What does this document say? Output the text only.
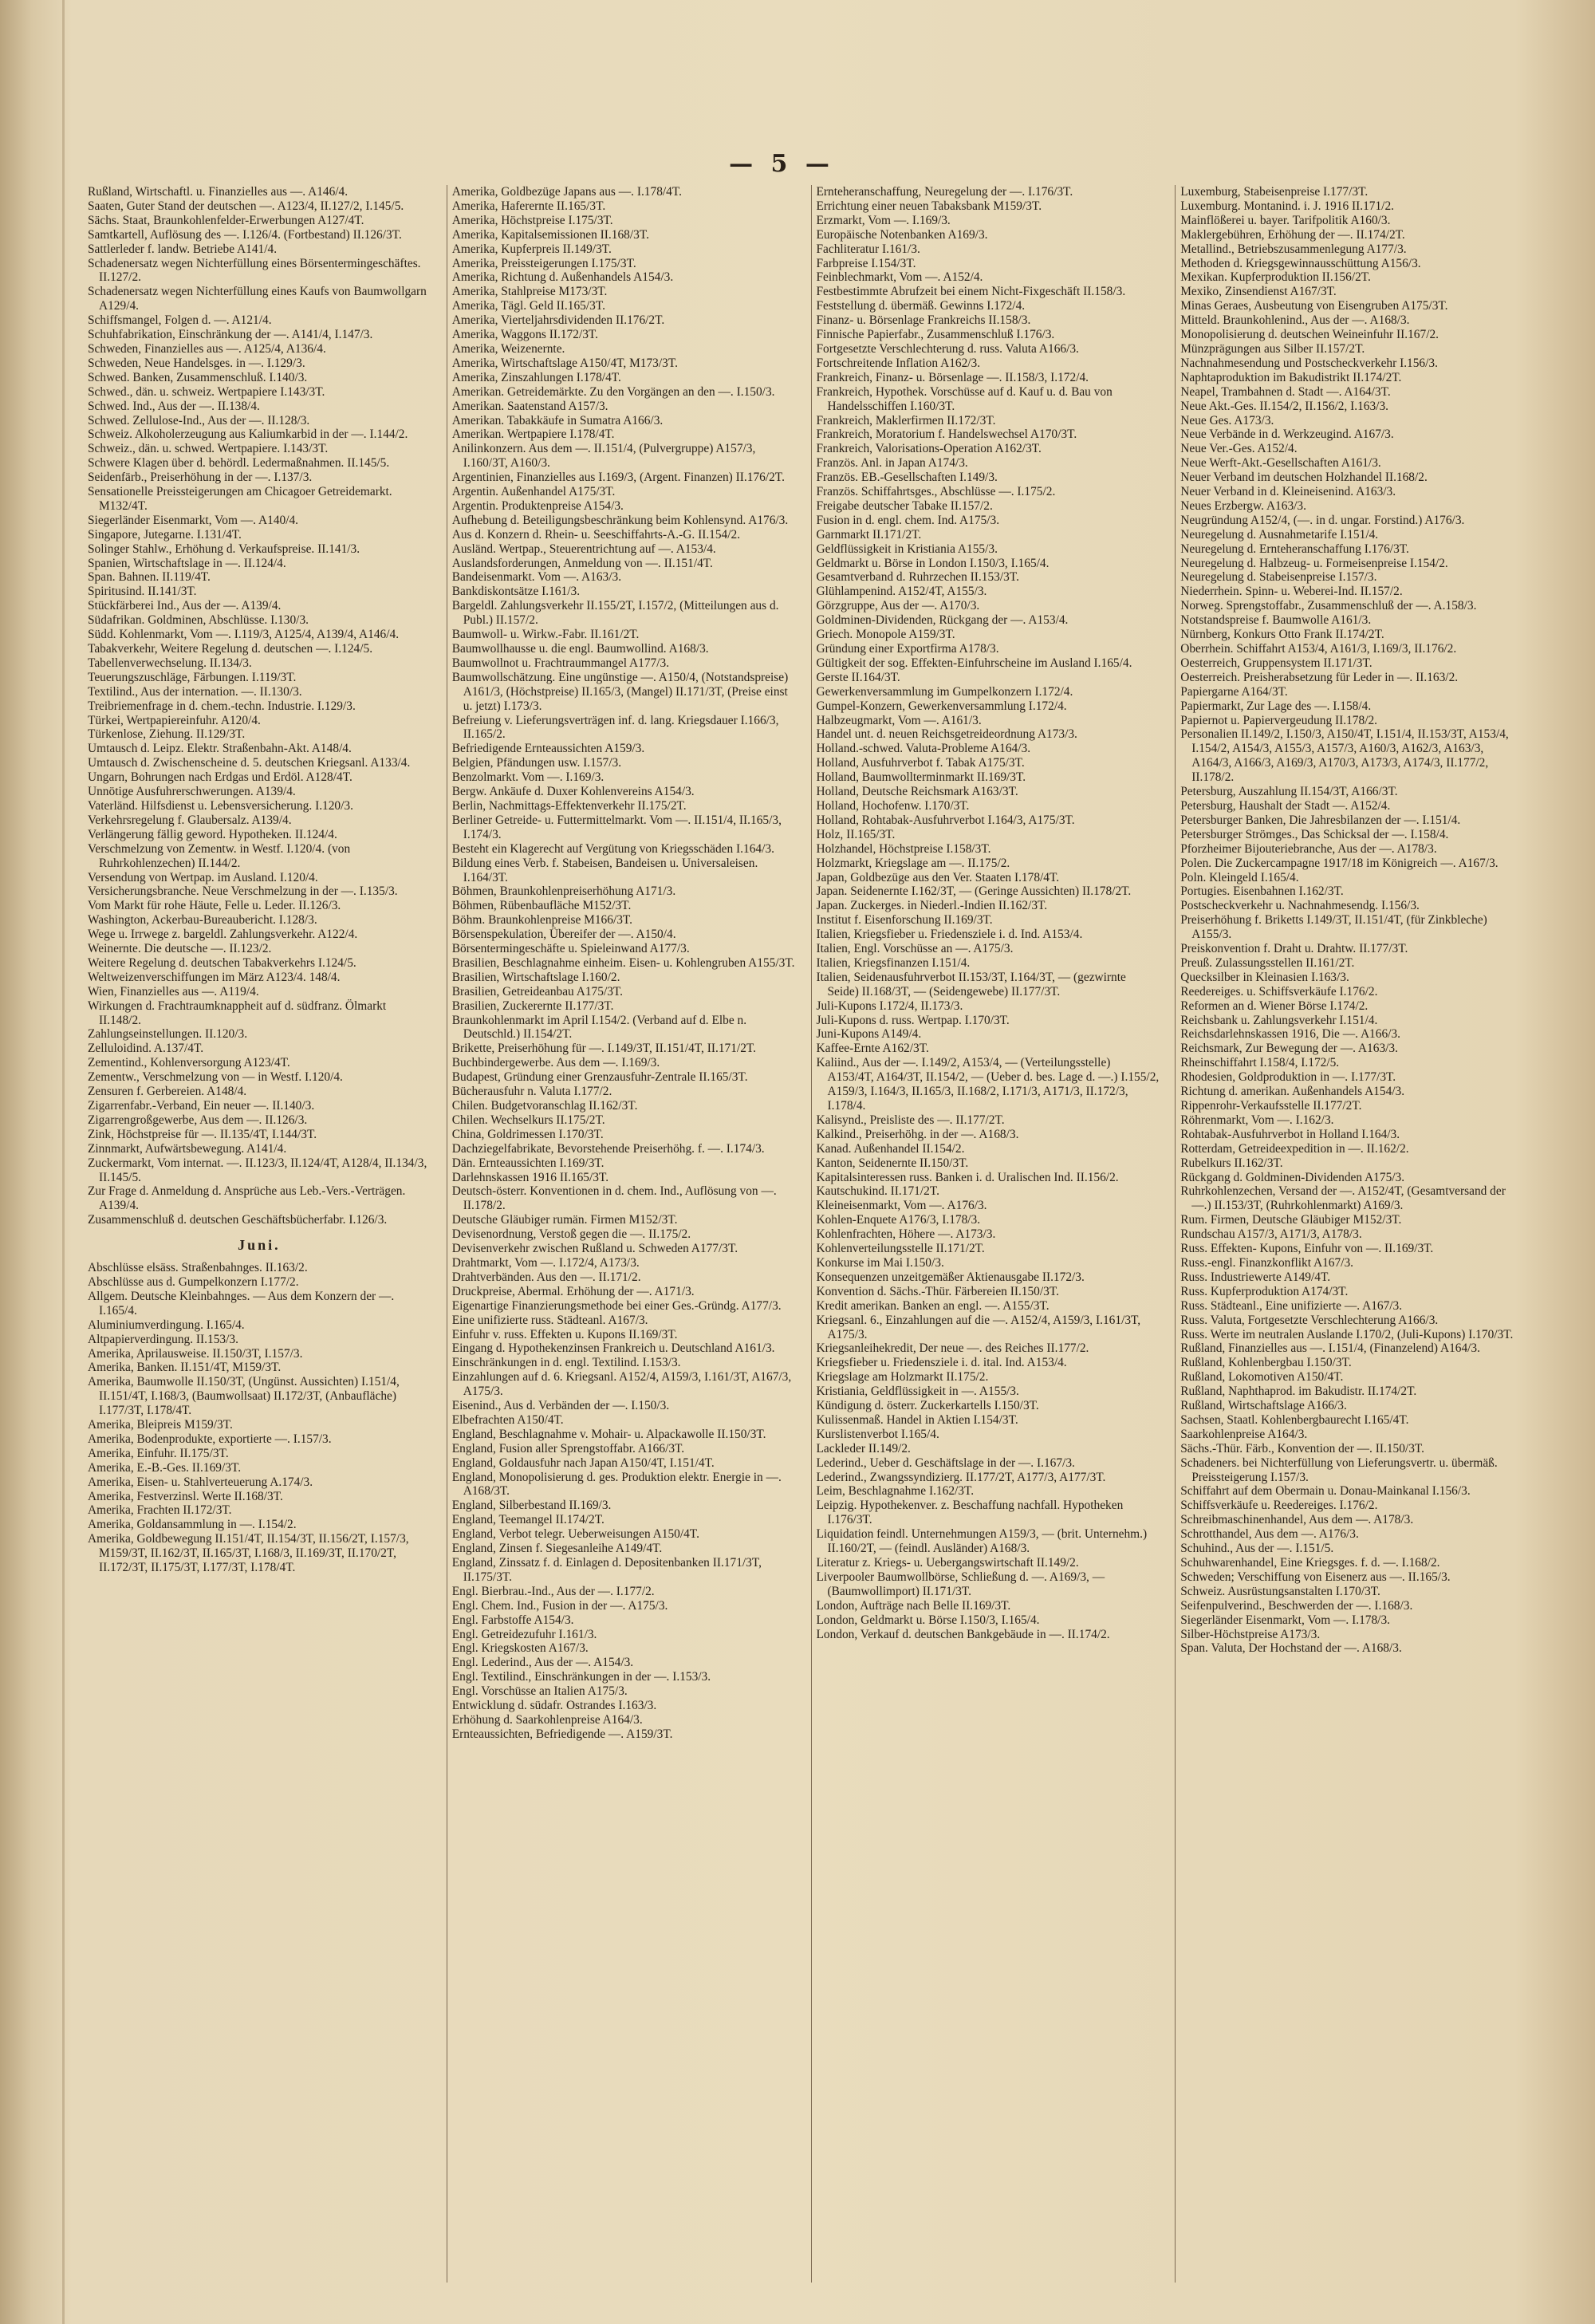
— 5 —

Rußland, Wirtschaftl. u. Finanzielles aus —. A146/4.

Saaten, Guter Stand der deutschen —. A123/4, II.127/2, I.145/5.

Sächs. Staat, Braunkohlenfelder-Erwerbungen A127/4T.

Samtkartell, Auflösung des —. I.126/4. (Fortbestand) II.126/3T.

Sattlerleder f. landw. Betriebe A141/4.

Schadenersatz wegen Nichterfüllung eines Börsentermingeschäftes. II.127/2.

Schadenersatz wegen Nichterfüllung eines Kaufs von Baumwollgarn A129/4.

Schiffsmangel, Folgen d. —. A121/4.

Schuhfabrikation, Einschränkung der —. A141/4, I.147/3.

Schweden, Finanzielles aus —. A125/4, A136/4.

Schweden, Neue Handelsges. in —. I.129/3.

Schwed. Banken, Zusammenschluß. I.140/3.

Schwed., dän. u. schweiz. Wertpapiere I.143/3T.

Schwed. Ind., Aus der —. II.138/4.

Schwed. Zellulose-Ind., Aus der —. II.128/3.

Schweiz. Alkoholerzeugung aus Kaliumkarbid in der —. I.144/2.

Schweiz., dän. u. schwed. Wertpapiere. I.143/3T.

Schwere Klagen über d. behördl. Ledermaßnahmen. II.145/5.

Seidenfärb., Preiserhöhung in der —. I.137/3.

Sensationelle Preissteigerungen am Chicagoer Getreidemarkt. M132/4T.

Siegerländer Eisenmarkt, Vom —. A140/4.

Singapore, Jutegarne. I.131/4T.

Solinger Stahlw., Erhöhung d. Verkaufspreise. II.141/3.

Spanien, Wirtschaftslage in —. II.124/4.

Span. Bahnen. II.119/4T.

Spiritusind. II.141/3T.

Stückfärberei Ind., Aus der —. A139/4.

Südafrikan. Goldminen, Abschlüsse. I.130/3.

Südd. Kohlenmarkt, Vom —. I.119/3, A125/4, A139/4, A146/4.

Tabakverkehr, Weitere Regelung d. deutschen —. I.124/5.

Tabellenverwechselung. II.134/3.

Teuerungszuschläge, Färbungen. I.119/3T.

Textilind., Aus der internation. —. II.130/3.

Treibriemenfrage in d. chem.-techn. Industrie. I.129/3.

Türkei, Wertpapiereinfuhr. A120/4.

Türkenlose, Ziehung. II.129/3T.

Umtausch d. Leipz. Elektr. Straßenbahn-Akt. A148/4.

Umtausch d. Zwischenscheine d. 5. deutschen Kriegsanl. A133/4.

Ungarn, Bohrungen nach Erdgas und Erdöl. A128/4T.

Unnötige Ausfuhrerschwerungen. A139/4.

Vaterländ. Hilfsdienst u. Lebensversicherung. I.120/3.

Verkehrsregelung f. Glaubersalz. A139/4.

Verlängerung fällig geword. Hypotheken. II.124/4.

Verschmelzung von Zementw. in Westf. I.120/4. (von Ruhrkohlenzechen) II.144/2.

Versendung von Wertpap. im Ausland. I.120/4.

Versicherungsbranche. Neue Verschmelzung in der —. I.135/3.

Vom Markt für rohe Häute, Felle u. Leder. II.126/3.

Washington, Ackerbau-Bureaubericht. I.128/3.

Wege u. Irrwege z. bargeldl. Zahlungsverkehr. A122/4.

Weinernte. Die deutsche —. II.123/2.

Weitere Regelung d. deutschen Tabakverkehrs I.124/5.

Weltweizenverschiffungen im März A123/4. 148/4.

Wien, Finanzielles aus —. A119/4.

Wirkungen d. Frachtraumknappheit auf d. südfranz. Ölmarkt II.148/2.

Zahlungseinstellungen. II.120/3.

Zelluloidind. A.137/4T.

Zementind., Kohlenversorgung A123/4T.

Zementw., Verschmelzung von — in Westf. I.120/4.

Zensuren f. Gerbereien. A148/4.

Zigarrenfabr.-Verband, Ein neuer —. II.140/3.

Zigarrengroßgewerbe, Aus dem —. II.126/3.

Zink, Höchstpreise für —. II.135/4T, I.144/3T.

Zinnmarkt, Aufwärtsbewegung. A141/4.

Zuckermarkt, Vom internat. —. II.123/3, II.124/4T, A128/4, II.134/3, II.145/5.

Zur Frage d. Anmeldung d. Ansprüche aus Leb.-Vers.-Verträgen. A139/4.

Zusammenschluß d. deutschen Geschäftsbücherfabr. I.126/3.

Juni.

Abschlüsse elsäss. Straßenbahnges. II.163/2.

Abschlüsse aus d. Gumpelkonzern I.177/2.

Allgem. Deutsche Kleinbahnges. — Aus dem Konzern der —. I.165/4.

Aluminiumverdingung. I.165/4.

Altpapierverdingung. II.153/3.

Amerika, Aprilausweise. II.150/3T, I.157/3.

Amerika, Banken. II.151/4T, M159/3T.

Amerika, Baumwolle II.150/3T, (Ungünst. Aussichten) I.151/4, II.151/4T, I.168/3, (Baumwollsaat) II.172/3T, (Anbaufläche) I.177/3T, I.178/4T.

Amerika, Bleipreis M159/3T.

Amerika, Bodenprodukte, exportierte —. I.157/3.

Amerika, Einfuhr. II.175/3T.

Amerika, E.-B.-Ges. II.169/3T.

Amerika, Eisen- u. Stahlverteuerung A.174/3.

Amerika, Festverzinsl. Werte II.168/3T.

Amerika, Frachten II.172/3T.

Amerika, Goldansammlung in —. I.154/2.

Amerika, Goldbewegung II.151/4T, II.154/3T, II.156/2T, I.157/3, M159/3T, II.162/3T, II.165/3T, I.168/3, II.169/3T, II.170/2T, II.172/3T, II.175/3T, I.177/3T, I.178/4T.

Amerika, Goldbezüge Japans aus —. I.178/4T.

Amerika, Haferernte II.165/3T.

Amerika, Höchstpreise I.175/3T.

Amerika, Kapitalsemissionen II.168/3T.

Amerika, Kupferpreis II.149/3T.

Amerika, Preissteigerungen I.175/3T.

Amerika, Richtung d. Außenhandels A154/3.

Amerika, Stahlpreise M173/3T.

Amerika, Tägl. Geld II.165/3T.

Amerika, Vierteljahrsdividenden II.176/2T.

Amerika, Waggons II.172/3T.

Amerika, Weizenernte.

Amerika, Wirtschaftslage A150/4T, M173/3T.

Amerika, Zinszahlungen I.178/4T.

Amerikan. Getreidemärkte. Zu den Vorgängen an den —. I.150/3.

Amerikan. Saatenstand A157/3.

Amerikan. Tabakkäufe in Sumatra A166/3.

Amerikan. Wertpapiere I.178/4T.

Anilinkonzern. Aus dem —. II.151/4, (Pulvergruppe) A157/3, I.160/3T, A160/3.

Argentinien, Finanzielles aus I.169/3, (Argent. Finanzen) II.176/2T.

Argentin. Außenhandel A175/3T.

Argentin. Produktenpreise A154/3.

Aufhebung d. Beteiligungsbeschränkung beim Kohlensynd. A176/3.

Aus d. Konzern d. Rhein- u. Seeschiffahrts-A.-G. II.154/2.

Ausländ. Wertpap., Steuerentrichtung auf —. A153/4.

Auslandsforderungen, Anmeldung von —. II.151/4T.

Bandeisenmarkt. Vom —. A163/3.

Bankdiskontsätze I.161/3.

Bargeldl. Zahlungsverkehr II.155/2T, I.157/2, (Mitteilungen aus d. Publ.) II.157/2.

Baumwoll- u. Wirkw.-Fabr. II.161/2T.

Baumwollhausse u. die engl. Baumwollind. A168/3.

Baumwollnot u. Frachtraummangel A177/3.

Baumwollschätzung. Eine ungünstige —. A150/4, (Notstandspreise) A161/3, (Höchstpreise) II.165/3, (Mangel) II.171/3T, (Preise einst u. jetzt) I.173/3.

Befreiung v. Lieferungsverträgen inf. d. lang. Kriegsdauer I.166/3, II.165/2.

Befriedigende Ernteaussichten A159/3.

Belgien, Pfändungen usw. I.157/3.

Benzolmarkt. Vom —. I.169/3.

Bergw. Ankäufe d. Duxer Kohlenvereins A154/3.

Berlin, Nachmittags-Effektenverkehr II.175/2T.

Berliner Getreide- u. Futtermittelmarkt. Vom —. II.151/4, II.165/3, I.174/3.

Besteht ein Klagerecht auf Vergütung von Kriegsschäden I.164/3.

Bildung eines Verb. f. Stabeisen, Bandeisen u. Universaleisen. I.164/3T.

Böhmen, Braunkohlenpreiserhöhung A171/3.

Böhmen, Rübenbaufläche M152/3T.

Böhm. Braunkohlenpreise M166/3T.

Börsenspekulation, Übereifer der —. A150/4.

Börsentermingeschäfte u. Spieleinwand A177/3.

Brasilien, Beschlagnahme einheim. Eisen- u. Kohlengruben A155/3T.

Brasilien, Wirtschaftslage I.160/2.

Brasilien, Getreideanbau A175/3T.

Brasilien, Zuckerernte II.177/3T.

Braunkohlenmarkt im April I.154/2. (Verband auf d. Elbe n. Deutschld.) II.154/2T.

Brikette, Preiserhöhung für —. I.149/3T, II.151/4T, II.171/2T.

Buchbindergewerbe. Aus dem —. I.169/3.

Budapest, Gründung einer Grenzausfuhr-Zentrale II.165/3T.

Bücherausfuhr n. Valuta I.177/2.

Chilen. Budgetvoranschlag II.162/3T.

Chilen. Wechselkurs II.175/2T.

China, Goldrimessen I.170/3T.

Dachziegelfabrikate, Bevorstehende Preiserhöhg. f. —. I.174/3.

Dän. Ernteaussichten I.169/3T.

Darlehnskassen 1916 II.165/3T.

Deutsch-österr. Konventionen in d. chem. Ind., Auflösung von —. II.178/2.

Deutsche Gläubiger rumän. Firmen M152/3T.

Devisenordnung, Verstoß gegen die —. II.175/2.

Devisenverkehr zwischen Rußland u. Schweden A177/3T.

Drahtmarkt, Vom —. I.172/4, A173/3.

Drahtverbänden. Aus den —. II.171/2.

Druckpreise, Abermal. Erhöhung der —. A171/3.

Eigenartige Finanzierungsmethode bei einer Ges.-Gründg. A177/3.

Eine unifizierte russ. Städteanl. A167/3.

Einfuhr v. russ. Effekten u. Kupons II.169/3T.

Eingang d. Hypothekenzinsen Frankreich u. Deutschland A161/3.

Einschränkungen in d. engl. Textilind. I.153/3.

Einzahlungen auf d. 6. Kriegsanl. A152/4, A159/3, I.161/3T, A167/3, A175/3.

Eisenind., Aus d. Verbänden der —. I.150/3.

Elbefrachten A150/4T.

England, Beschlagnahme v. Mohair- u. Alpackawolle II.150/3T.

England, Fusion aller Sprengstoffabr. A166/3T.

England, Goldausfuhr nach Japan A150/4T, I.151/4T.

England, Monopolisierung d. ges. Produktion elektr. Energie in —. A168/3T.

England, Silberbestand II.169/3.

England, Teemangel II.174/2T.

England, Verbot telegr. Ueberweisungen A150/4T.

England, Zinsen f. Siegesanleihe A149/4T.

England, Zinssatz f. d. Einlagen d. Depositenbanken II.171/3T, II.175/3T.

Engl. Bierbrau.-Ind., Aus der —. I.177/2.

Engl. Chem. Ind., Fusion in der —. A175/3.

Engl. Farbstoffe A154/3.

Engl. Getreidezufuhr I.161/3.

Engl. Kriegskosten A167/3.

Engl. Lederind., Aus der —. A154/3.

Engl. Textilind., Einschränkungen in der —. I.153/3.

Engl. Vorschüsse an Italien A175/3.

Entwicklung d. südafr. Ostrandes I.163/3.

Erhöhung d. Saarkohlenpreise A164/3.

Ernteaussichten, Befriedigende —. A159/3T.

Ernteheranschaffung, Neuregelung der —. I.176/3T.

Errichtung einer neuen Tabaksbank M159/3T.

Erzmarkt, Vom —. I.169/3.

Europäische Notenbanken A169/3.

Fachliteratur I.161/3.

Farbpreise I.154/3T.

Feinblechmarkt, Vom —. A152/4.

Festbestimmte Abrufzeit bei einem Nicht-Fixgeschäft II.158/3.

Feststellung d. übermäß. Gewinns I.172/4.

Finanz- u. Börsenlage Frankreichs II.158/3.

Finnische Papierfabr., Zusammenschluß I.176/3.

Fortgesetzte Verschlechterung d. russ. Valuta A166/3.

Fortschreitende Inflation A162/3.

Frankreich, Finanz- u. Börsenlage —. II.158/3, I.172/4.

Frankreich, Hypothek. Vorschüsse auf d. Kauf u. d. Bau von Handelsschiffen I.160/3T.

Frankreich, Maklerfirmen II.172/3T.

Frankreich, Moratorium f. Handelswechsel A170/3T.

Frankreich, Valorisations-Operation A162/3T.

Französ. Anl. in Japan A174/3.

Französ. EB.-Gesellschaften I.149/3.

Französ. Schiffahrtsges., Abschlüsse —. I.175/2.

Freigabe deutscher Tabake II.157/2.

Fusion in d. engl. chem. Ind. A175/3.

Garnmarkt II.171/2T.

Geldflüssigkeit in Kristiania A155/3.

Geldmarkt u. Börse in London I.150/3, I.165/4.

Gesamtverband d. Ruhrzechen II.153/3T.

Glühlampenind. A152/4T, A155/3.

Görzgruppe, Aus der —. A170/3.

Goldminen-Dividenden, Rückgang der —. A153/4.

Griech. Monopole A159/3T.

Gründung einer Exportfirma A178/3.

Gültigkeit der sog. Effekten-Einfuhrscheine im Ausland I.165/4.

Gerste II.164/3T.

Gewerkenversammlung im Gumpelkonzern I.172/4.

Gumpel-Konzern, Gewerkenversammlung I.172/4.

Halbzeugmarkt, Vom —. A161/3.

Handel unt. d. neuen Reichsgetreideordnung A173/3.

Holland.-schwed. Valuta-Probleme A164/3.

Holland, Ausfuhrverbot f. Tabak A175/3T.

Holland, Baumwollterminmarkt II.169/3T.

Holland, Deutsche Reichsmark A163/3T.

Holland, Hochofenw. I.170/3T.

Holland, Rohtabak-Ausfuhrverbot I.164/3, A175/3T.

Holz, II.165/3T.

Holzhandel, Höchstpreise I.158/3T.

Holzmarkt, Kriegslage am —. II.175/2.

Japan, Goldbezüge aus den Ver. Staaten I.178/4T.

Japan. Seidenernte I.162/3T, — (Geringe Aussichten) II.178/2T.

Japan. Zuckerges. in Niederl.-Indien II.162/3T.

Institut f. Eisenforschung II.169/3T.

Italien, Kriegsfieber u. Friedensziele i. d. Ind. A153/4.

Italien, Engl. Vorschüsse an —. A175/3.

Italien, Kriegsfinanzen I.151/4.

Italien, Seidenausfuhrverbot II.153/3T, I.164/3T, — (gezwirnte Seide) II.168/3T, — (Seidengewebe) II.177/3T.

Juli-Kupons I.172/4, II.173/3.

Juli-Kupons d. russ. Wertpap. I.170/3T.

Juni-Kupons A149/4.

Kaffee-Ernte A162/3T.

Kaliind., Aus der —. I.149/2, A153/4, — (Verteilungsstelle) A153/4T, A164/3T, II.154/2, — (Ueber d. bes. Lage d. —.) I.155/2, A159/3, I.164/3, II.165/3, II.168/2, I.171/3, A171/3, II.172/3, I.178/4.

Kalisynd., Preisliste des —. II.177/2T.

Kalkind., Preiserhöhg. in der —. A168/3.

Kanad. Außenhandel II.154/2.

Kanton, Seidenernte II.150/3T.

Kapitalsinteressen russ. Banken i. d. Uralischen Ind. II.156/2.

Kautschukind. II.171/2T.

Kleineisenmarkt, Vom —. A176/3.

Kohlen-Enquete A176/3, I.178/3.

Kohlenfrachten, Höhere —. A173/3.

Kohlenverteilungsstelle II.171/2T.

Konkurse im Mai I.150/3.

Konsequenzen unzeitgemäßer Aktienausgabe II.172/3.

Konvention d. Sächs.-Thür. Färbereien II.150/3T.

Kredit amerikan. Banken an engl. —. A155/3T.

Kriegsanl. 6., Einzahlungen auf die —. A152/4, A159/3, I.161/3T, A175/3.

Kriegsanleihekredit, Der neue —. des Reiches II.177/2.

Kriegsfieber u. Friedensziele i. d. ital. Ind. A153/4.

Kriegslage am Holzmarkt II.175/2.

Kristiania, Geldflüssigkeit in —. A155/3.

Kündigung d. österr. Zuckerkartells I.150/3T.

Kulissenmaß. Handel in Aktien I.154/3T.

Kurslistenverbot I.165/4.

Lackleder II.149/2.

Lederind., Ueber d. Geschäftslage in der —. I.167/3.

Lederind., Zwangssyndizierg. II.177/2T, A177/3, A177/3T.

Leim, Beschlagnahme I.162/3T.

Leipzig. Hypothekenver. z. Beschaffung nachfall. Hypotheken I.176/3T.

Liquidation feindl. Unternehmungen A159/3, — (brit. Unternehm.) II.160/2T, — (feindl. Ausländer) A168/3.

Literatur z. Kriegs- u. Uebergangswirtschaft II.149/2.

Liverpooler Baumwollbörse, Schließung d. —. A169/3, — (Baumwollimport) II.171/3T.

London, Aufträge nach Belle II.169/3T.

London, Geldmarkt u. Börse I.150/3, I.165/4.

London, Verkauf d. deutschen Bankgebäude in —. II.174/2.

Luxemburg, Stabeisenpreise I.177/3T.

Luxemburg. Montanind. i. J. 1916 II.171/2.

Mainflößerei u. bayer. Tarifpolitik A160/3.

Maklergebühren, Erhöhung der —. II.174/2T.

Metallind., Betriebszusammenlegung A177/3.

Methoden d. Kriegsgewinnausschüttung A156/3.

Mexikan. Kupferproduktion II.156/2T.

Mexiko, Zinsendienst A167/3T.

Minas Geraes, Ausbeutung von Eisengruben A175/3T.

Mitteld. Braunkohlenind., Aus der —. A168/3.

Monopolisierung d. deutschen Weineinfuhr II.167/2.

Münzprägungen aus Silber II.157/2T.

Nachnahmesendung und Postscheckverkehr I.156/3.

Naphtaproduktion im Bakudistrikt II.174/2T.

Neapel, Trambahnen d. Stadt —. A164/3T.

Neue Akt.-Ges. II.154/2, II.156/2, I.163/3.

Neue Ges. A173/3.

Neue Verbände in d. Werkzeugind. A167/3.

Neue Ver.-Ges. A152/4.

Neue Werft-Akt.-Gesellschaften A161/3.

Neuer Verband im deutschen Holzhandel II.168/2.

Neuer Verband in d. Kleineisenind. A163/3.

Neues Erzbergw. A163/3.

Neugründung A152/4, (—. in d. ungar. Forstind.) A176/3.

Neuregelung d. Ausnahmetarife I.151/4.

Neuregelung d. Ernteheranschaffung I.176/3T.

Neuregelung d. Halbzeug- u. Formeisenpreise I.154/2.

Neuregelung d. Stabeisenpreise I.157/3.

Niederrhein. Spinn- u. Weberei-Ind. II.157/2.

Norweg. Sprengstoffabr., Zusammenschluß der —. A.158/3.

Notstandspreise f. Baumwolle A161/3.

Nürnberg, Konkurs Otto Frank II.174/2T.

Oberrhein. Schiffahrt A153/4, A161/3, I.169/3, II.176/2.

Oesterreich, Gruppensystem II.171/3T.

Oesterreich. Preisherabsetzung für Leder in —. II.163/2.

Papiergarne A164/3T.

Papiermarkt, Zur Lage des —. I.158/4.

Papiernot u. Papiervergeudung II.178/2.

Personalien II.149/2, I.150/3, A150/4T, I.151/4, II.153/3T, A153/4, I.154/2, A154/3, A155/3, A157/3, A160/3, A162/3, A163/3, A164/3, A166/3, A169/3, A170/3, A173/3, A174/3, II.177/2, II.178/2.

Petersburg, Auszahlung II.154/3T, A166/3T.

Petersburg, Haushalt der Stadt —. A152/4.

Petersburger Banken, Die Jahresbilanzen der —. I.151/4.

Petersburger Strömges., Das Schicksal der —. I.158/4.

Pforzheimer Bijouteriebranche, Aus der —. A178/3.

Polen. Die Zuckercampagne 1917/18 im Königreich —. A167/3.

Poln. Kleingeld I.165/4.

Portugies. Eisenbahnen I.162/3T.

Postscheckverkehr u. Nachnahmesendg. I.156/3.

Preiserhöhung f. Briketts I.149/3T, II.151/4T, (für Zinkbleche) A155/3.

Preiskonvention f. Draht u. Drahtw. II.177/3T.

Preuß. Zulassungsstellen II.161/2T.

Quecksilber in Kleinasien I.163/3.

Reedereiges. u. Schiffsverkäufe I.176/2.

Reformen an d. Wiener Börse I.174/2.

Reichsbank u. Zahlungsverkehr I.151/4.

Reichsdarlehnskassen 1916, Die —. A166/3.

Reichsmark, Zur Bewegung der —. A163/3.

Rheinschiffahrt I.158/4, I.172/5.

Rhodesien, Goldproduktion in —. I.177/3T.

Richtung d. amerikan. Außenhandels A154/3.

Rippenrohr-Verkaufsstelle II.177/2T.

Röhrenmarkt, Vom —. I.162/3.

Rohtabak-Ausfuhrverbot in Holland I.164/3.

Rotterdam, Getreideexpedition in —. II.162/2.

Rubelkurs II.162/3T.

Rückgang d. Goldminen-Dividenden A175/3.

Ruhrkohlenzechen, Versand der —. A152/4T, (Gesamtversand der —.) II.153/3T, (Ruhrkohlenmarkt) A169/3.

Rum. Firmen, Deutsche Gläubiger M152/3T.

Rundschau A157/3, A171/3, A178/3.

Russ. Effekten- Kupons, Einfuhr von —. II.169/3T.

Russ.-engl. Finanzkonflikt A167/3.

Russ. Industriewerte A149/4T.

Russ. Kupferproduktion A174/3T.

Russ. Städteanl., Eine unifizierte —. A167/3.

Russ. Valuta, Fortgesetzte Verschlechterung A166/3.

Russ. Werte im neutralen Auslande I.170/2, (Juli-Kupons) I.170/3T.

Rußland, Finanzielles aus —. I.151/4, (Finanzelend) A164/3.

Rußland, Kohlenbergbau I.150/3T.

Rußland, Lokomotiven A150/4T.

Rußland, Naphthaprod. im Bakudistr. II.174/2T.

Rußland, Wirtschaftslage A166/3.

Sachsen, Staatl. Kohlenbergbaurecht I.165/4T.

Saarkohlenpreise A164/3.

Sächs.-Thür. Färb., Konvention der —. II.150/3T.

Schadeners. bei Nichterfüllung von Lieferungsvertr. u. übermäß. Preissteigerung I.157/3.

Schiffahrt auf dem Obermain u. Donau-Mainkanal I.156/3.

Schiffsverkäufe u. Reedereiges. I.176/2.

Schreibmaschinenhandel, Aus dem —. A178/3.

Schrotthandel, Aus dem —. A176/3.

Schuhind., Aus der —. I.151/5.

Schuhwarenhandel, Eine Kriegsges. f. d. —. I.168/2.

Schweden; Verschiffung von Eisenerz aus —. II.165/3.

Schweiz. Ausrüstungsanstalten I.170/3T.

Seifenpulverind., Beschwerden der —. I.168/3.

Siegerländer Eisenmarkt, Vom —. I.178/3.

Silber-Höchstpreise A173/3.

Span. Valuta, Der Hochstand der —. A168/3.
